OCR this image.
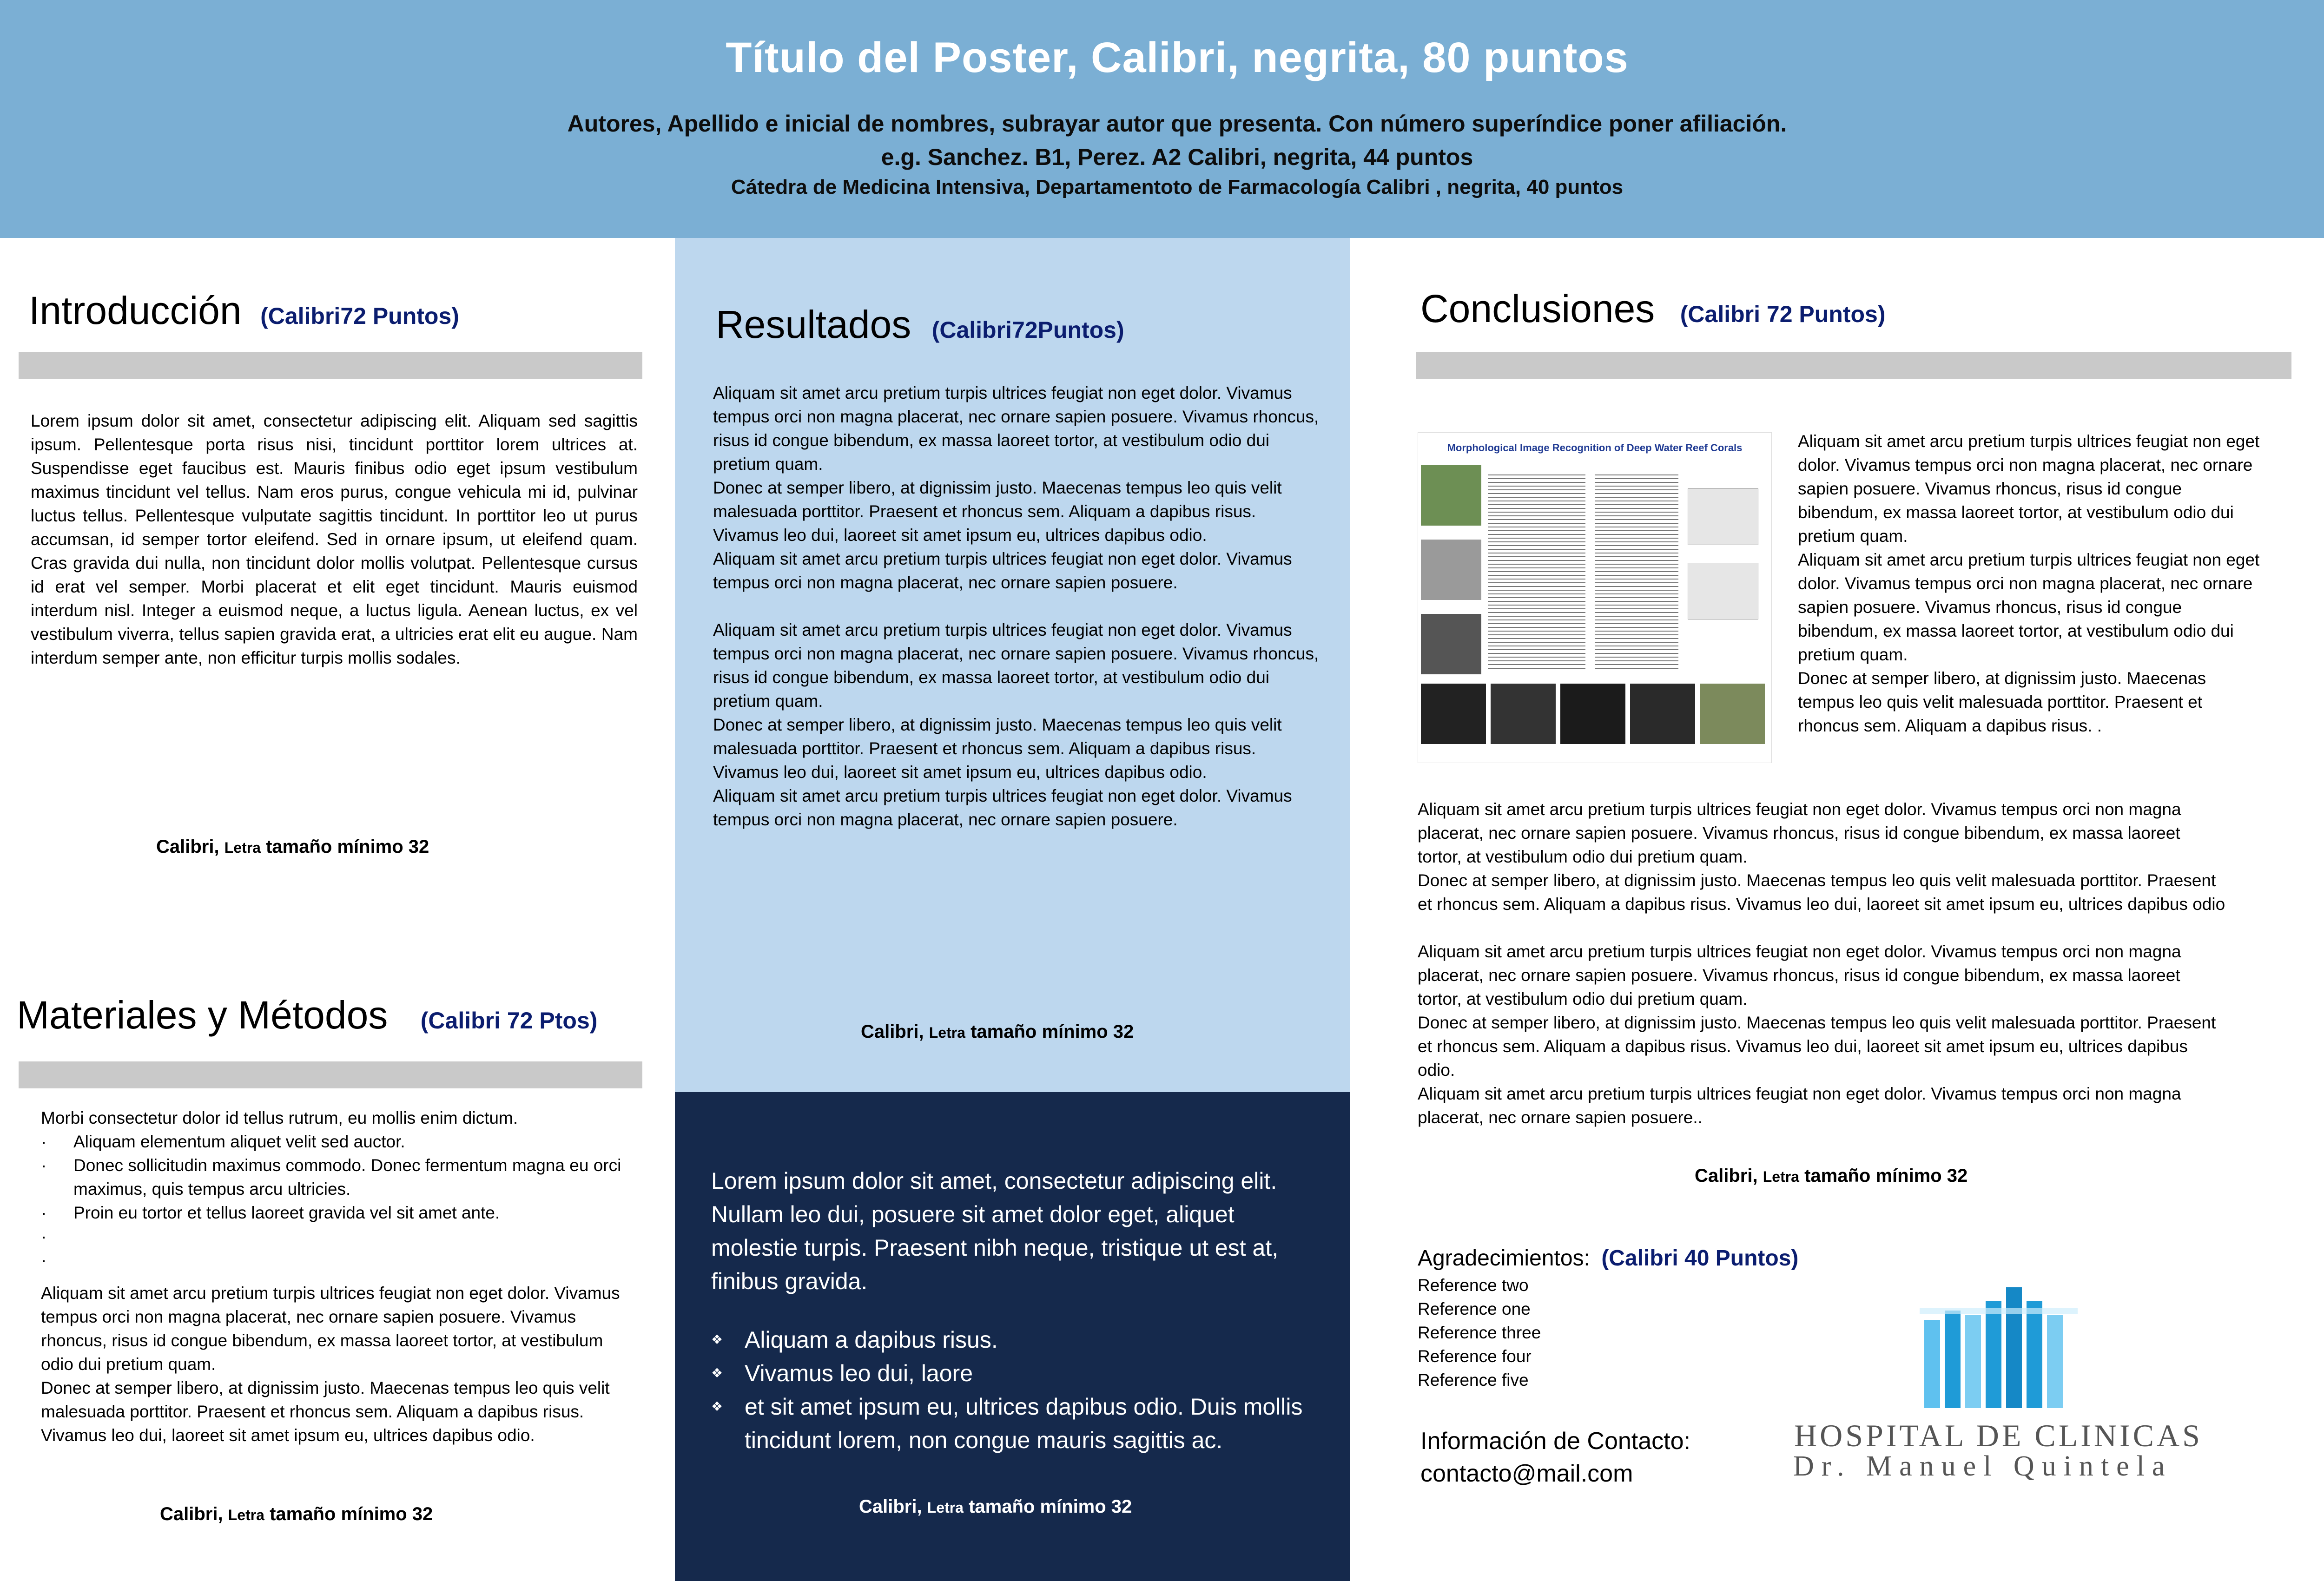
Título del Poster, Calibri, negrita, 80 puntos
Autores, Apellido e inicial de nombres, subrayar autor que presenta. Con número superíndice poner afiliación.
e.g. Sanchez. B1, Perez. A2 Calibri, negrita, 44 puntos
Cátedra de Medicina Intensiva, Departamentoto de Farmacología Calibri , negrita, 40 puntos
Introducción (Calibri72 Puntos)
Lorem ipsum dolor sit amet, consectetur adipiscing elit. Aliquam sed sagittis ipsum. Pellentesque porta risus nisi, tincidunt porttitor lorem ultrices at. Suspendisse eget faucibus est. Mauris finibus odio eget ipsum vestibulum maximus tincidunt vel tellus. Nam eros purus, congue vehicula mi id, pulvinar luctus tellus. Pellentesque vulputate sagittis tincidunt. In porttitor leo ut purus accumsan, id semper tortor eleifend. Sed in ornare ipsum, ut eleifend quam. Cras gravida dui nulla, non tincidunt dolor mollis volutpat. Pellentesque cursus id erat vel semper. Morbi placerat et elit eget tincidunt. Mauris euismod interdum nisl. Integer a euismod neque, a luctus ligula. Aenean luctus, ex vel vestibulum viverra, tellus sapien gravida erat, a ultricies erat elit eu augue. Nam interdum semper ante, non efficitur turpis mollis sodales.
Calibri, Letra tamaño mínimo 32
Materiales y Métodos (Calibri 72 Ptos)
Morbi consectetur dolor id tellus rutrum, eu mollis enim dictum.
· Aliquam elementum aliquet velit sed auctor.
· Donec sollicitudin maximus commodo. Donec fermentum magna eu orci maximus, quis tempus arcu ultricies.
· Proin eu tortor et tellus laoreet gravida vel sit amet ante.
·
·
Aliquam sit amet arcu pretium turpis ultrices feugiat non eget dolor. Vivamus tempus orci non magna placerat, nec ornare sapien posuere. Vivamus rhoncus, risus id congue bibendum, ex massa laoreet tortor, at vestibulum odio dui pretium quam.
Donec at semper libero, at dignissim justo. Maecenas tempus leo quis velit malesuada porttitor. Praesent et rhoncus sem. Aliquam a dapibus risus. Vivamus leo dui, laoreet sit amet ipsum eu, ultrices dapibus odio.
Calibri, Letra tamaño mínimo 32
Resultados (Calibri72Puntos)
Aliquam sit amet arcu pretium turpis ultrices feugiat non eget dolor. Vivamus tempus orci non magna placerat, nec ornare sapien posuere. Vivamus rhoncus, risus id congue bibendum, ex massa laoreet tortor, at vestibulum odio dui pretium quam.
Donec at semper libero, at dignissim justo. Maecenas tempus leo quis velit malesuada porttitor. Praesent et rhoncus sem. Aliquam a dapibus risus. Vivamus leo dui, laoreet sit amet ipsum eu, ultrices dapibus odio.
Aliquam sit amet arcu pretium turpis ultrices feugiat non eget dolor. Vivamus tempus orci non magna placerat, nec ornare sapien posuere.

Aliquam sit amet arcu pretium turpis ultrices feugiat non eget dolor. Vivamus tempus orci non magna placerat, nec ornare sapien posuere. Vivamus rhoncus, risus id congue bibendum, ex massa laoreet tortor, at vestibulum odio dui pretium quam.
Donec at semper libero, at dignissim justo. Maecenas tempus leo quis velit malesuada porttitor. Praesent et rhoncus sem. Aliquam a dapibus risus. Vivamus leo dui, laoreet sit amet ipsum eu, ultrices dapibus odio.
Aliquam sit amet arcu pretium turpis ultrices feugiat non eget dolor. Vivamus tempus orci non magna placerat, nec ornare sapien posuere.
Calibri, Letra tamaño mínimo 32
Lorem ipsum dolor sit amet, consectetur adipiscing elit. Nullam leo dui, posuere sit amet dolor eget, aliquet molestie turpis. Praesent nibh neque, tristique ut est at, finibus gravida.
❖ Aliquam a dapibus risus.
❖ Vivamus leo dui, laore
❖ et sit amet ipsum eu, ultrices dapibus odio. Duis mollis tincidunt lorem, non congue mauris sagittis ac.
Calibri, Letra tamaño mínimo 32
Conclusiones (Calibri 72 Puntos)
Morphological Image Recognition of Deep Water Reef Corals	Aliquam sit amet arcu pretium turpis ultrices feugiat non eget dolor. Vivamus tempus orci non magna placerat, nec ornare sapien posuere. Vivamus rhoncus, risus id congue bibendum, ex massa laoreet tortor, at vestibulum odio dui pretium quam.
Aliquam sit amet arcu pretium turpis ultrices feugiat non eget dolor. Vivamus tempus orci non magna placerat, nec ornare sapien posuere. Vivamus rhoncus, risus id congue bibendum, ex massa laoreet tortor, at vestibulum odio dui pretium quam.
Donec at semper libero, at dignissim justo. Maecenas tempus leo quis velit malesuada porttitor. Praesent et rhoncus sem. Aliquam a dapibus risus. .
Aliquam sit amet arcu pretium turpis ultrices feugiat non eget dolor. Vivamus tempus orci non magna placerat, nec ornare sapien posuere. Vivamus rhoncus, risus id congue bibendum, ex massa laoreet tortor, at vestibulum odio dui pretium quam.
Donec at semper libero, at dignissim justo. Maecenas tempus leo quis velit malesuada porttitor. Praesent et rhoncus sem. Aliquam a dapibus risus. Vivamus leo dui, laoreet sit amet ipsum eu, ultrices dapibus odio

Aliquam sit amet arcu pretium turpis ultrices feugiat non eget dolor. Vivamus tempus orci non magna placerat, nec ornare sapien posuere. Vivamus rhoncus, risus id congue bibendum, ex massa laoreet tortor, at vestibulum odio dui pretium quam.
Donec at semper libero, at dignissim justo. Maecenas tempus leo quis velit malesuada porttitor. Praesent et rhoncus sem. Aliquam a dapibus risus. Vivamus leo dui, laoreet sit amet ipsum eu, ultrices dapibus odio.
Aliquam sit amet arcu pretium turpis ultrices feugiat non eget dolor. Vivamus tempus orci non magna placerat, nec ornare sapien posuere..
Calibri, Letra tamaño mínimo 32
Agradecimientos: (Calibri 40 Puntos)
Reference two
Reference one
Reference three
Reference four
Reference five
Información de Contacto:
contacto@mail.com
HOSPITAL DE CLINICAS
Dr. Manuel Quintela
